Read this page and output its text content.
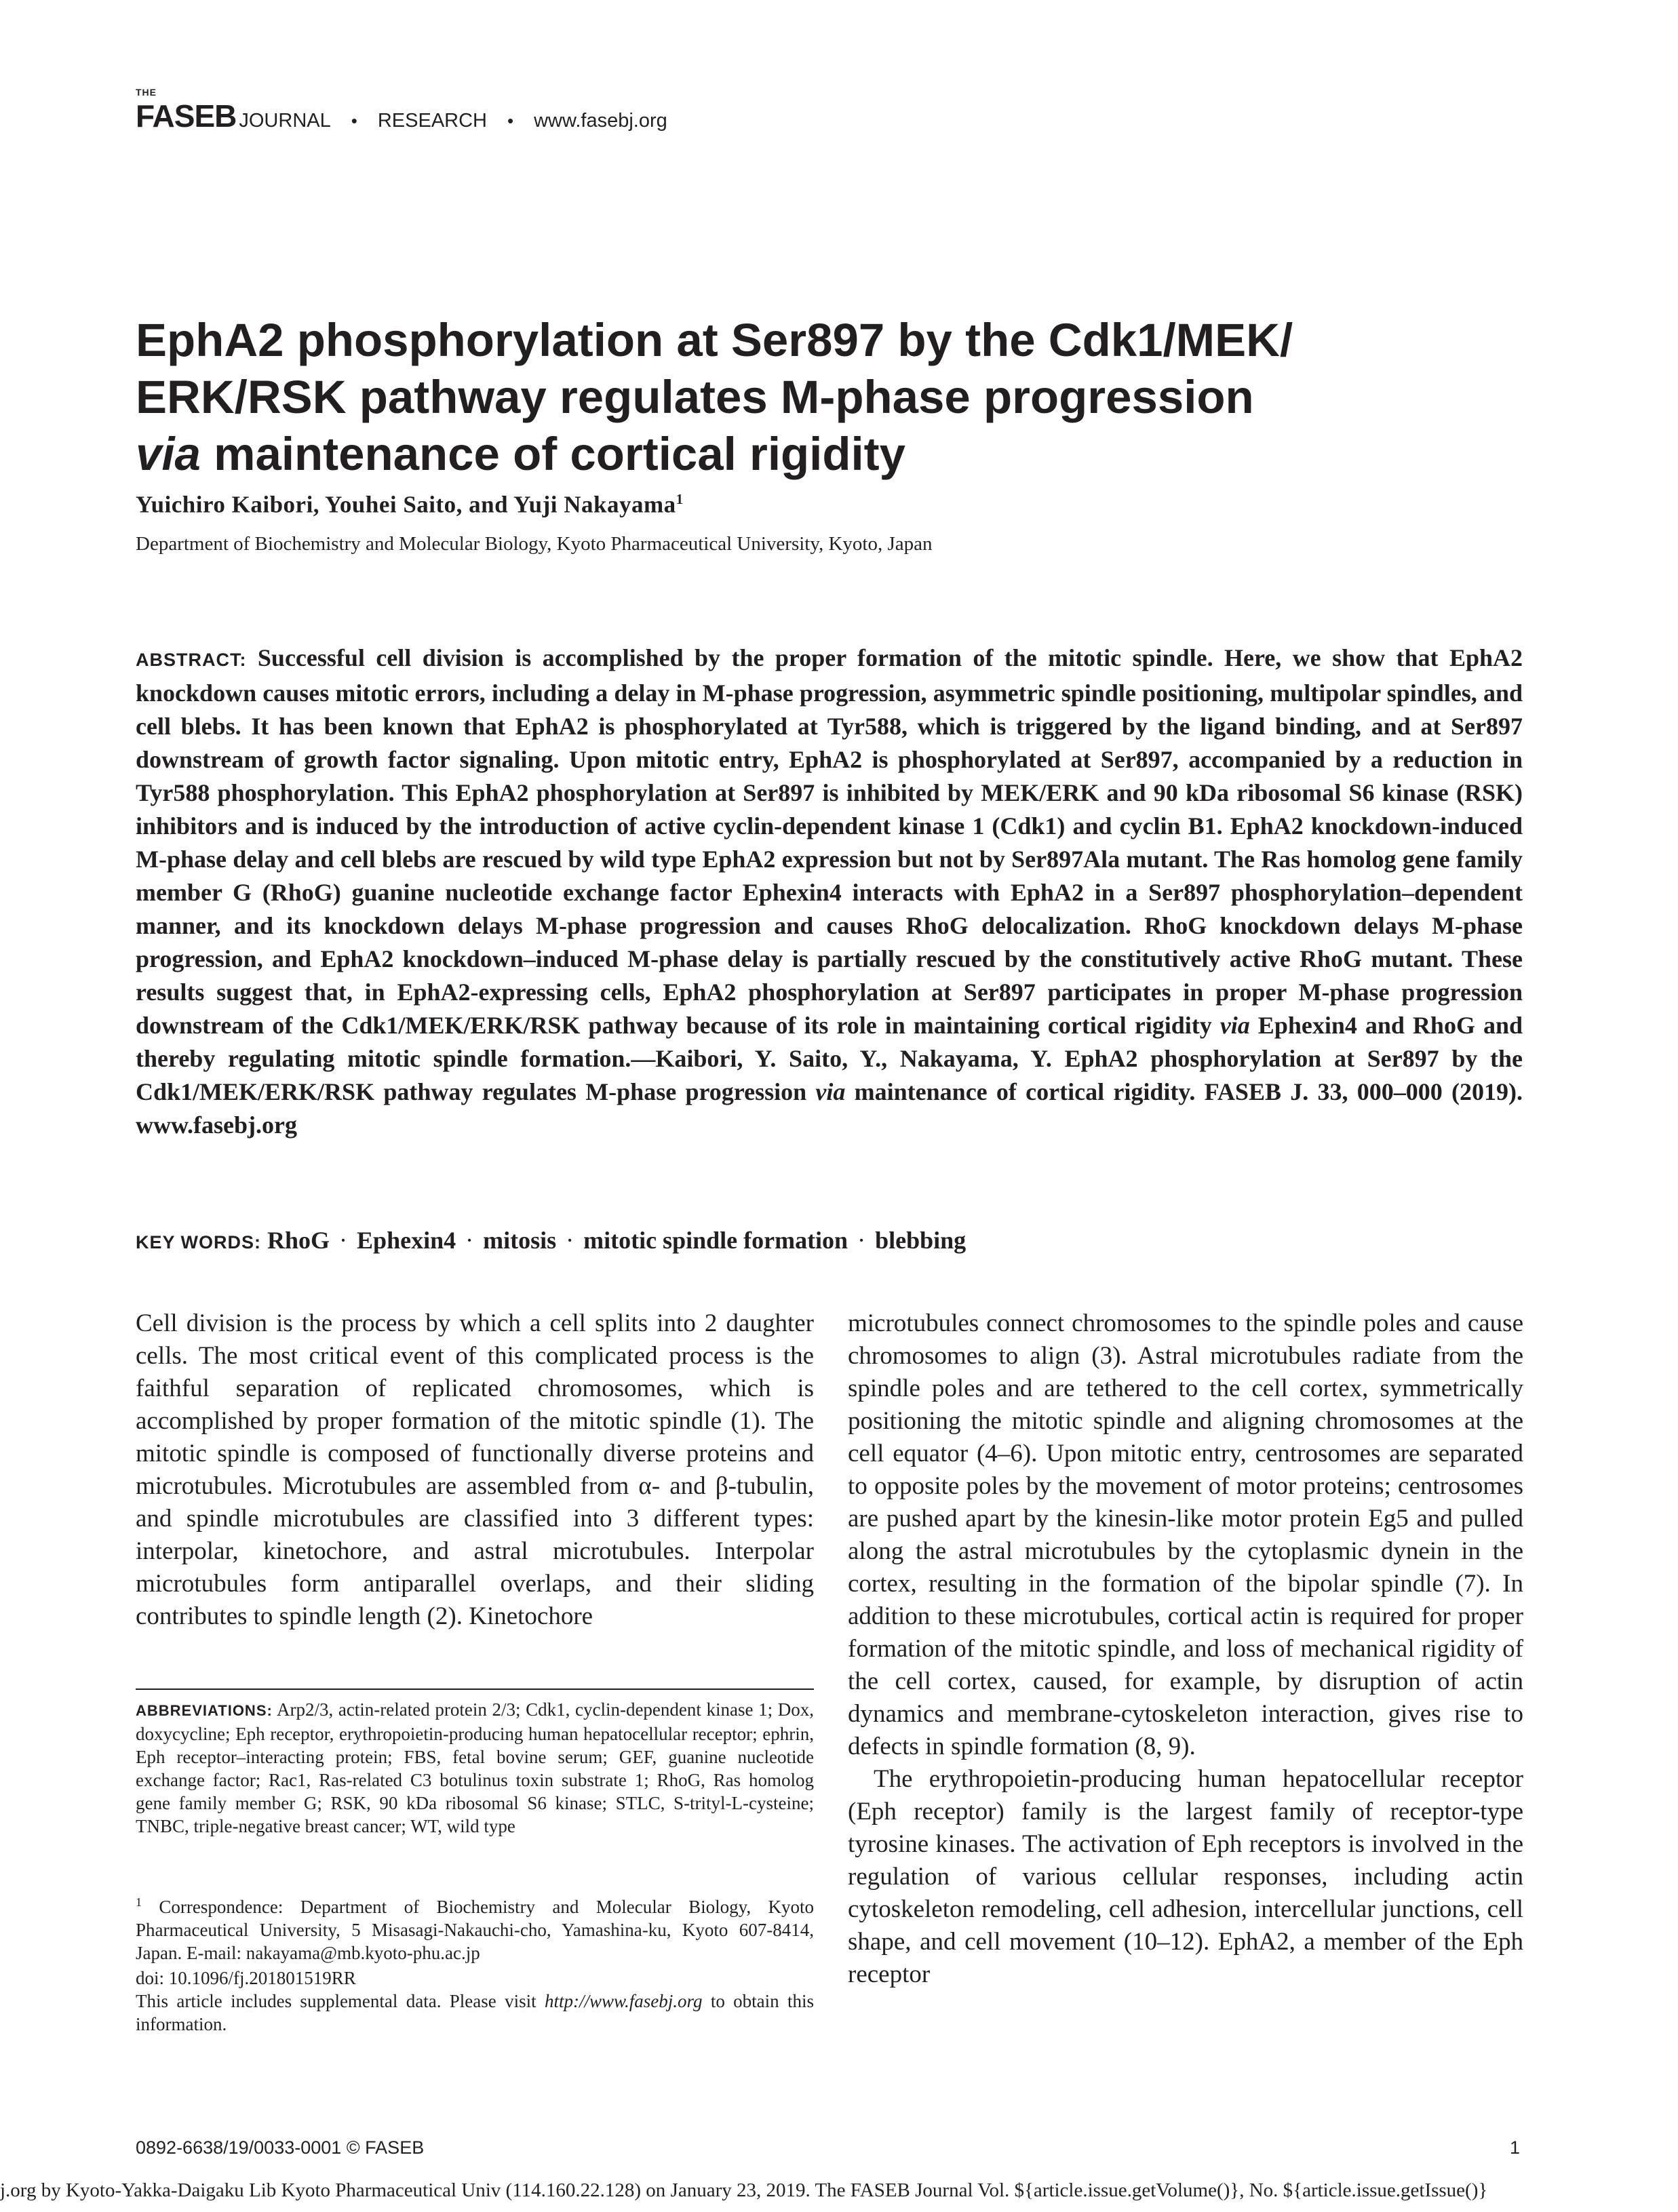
THE
FASEB JOURNAL • RESEARCH • www.fasebj.org
EphA2 phosphorylation at Ser897 by the Cdk1/MEK/
ERK/RSK pathway regulates M-phase progression
via maintenance of cortical rigidity
Yuichiro Kaibori, Youhei Saito, and Yuji Nakayama$^1$
Department of Biochemistry and Molecular Biology, Kyoto Pharmaceutical University, Kyoto, Japan

ABSTRACT: Successful cell division is accomplished by the proper formation of the mitotic spindle. Here, we show that EphA2 knockdown causes mitotic errors, including a delay in M-phase progression, asymmetric spindle positioning, multipolar spindles, and cell blebs. It has been known that EphA2 is phosphorylated at Tyr588, which is triggered by the ligand binding, and at Ser897 downstream of growth factor signaling. Upon mitotic entry, EphA2 is phosphorylated at Ser897, accompanied by a reduction in Tyr588 phosphorylation. This EphA2 phosphorylation at Ser897 is inhibited by MEK/ERK and 90 kDa ribosomal S6 kinase (RSK) inhibitors and is induced by the introduction of active cyclin-dependent kinase 1 (Cdk1) and cyclin B1. EphA2 knockdown-induced M-phase delay and cell blebs are rescued by wild type EphA2 expression but not by Ser897Ala mutant. The Ras homolog gene family member G (RhoG) guanine nucleotide exchange factor Ephexin4 interacts with EphA2 in a Ser897 phosphorylation–dependent manner, and its knockdown delays M-phase progression and causes RhoG delocalization. RhoG knockdown delays M-phase progression, and EphA2 knockdown–induced M-phase delay is partially rescued by the constitutively active RhoG mutant. These results suggest that, in EphA2-expressing cells, EphA2 phosphorylation at Ser897 participates in proper M-phase progression downstream of the Cdk1/MEK/ERK/RSK pathway because of its role in maintaining cortical rigidity via Ephexin4 and RhoG and thereby regulating mitotic spindle formation.—Kaibori, Y. Saito, Y., Nakayama, Y. EphA2 phosphorylation at Ser897 by the Cdk1/MEK/ERK/RSK pathway regulates M-phase progression via maintenance of cortical rigidity. FASEB J. 33, 000–000 (2019). www.fasebj.org

KEY WORDS: RhoG · Ephexin4 · mitosis · mitotic spindle formation · blebbing

Cell division is the process by which a cell splits into 2 daughter cells. The most critical event of this complicated process is the faithful separation of replicated chromosomes, which is accomplished by proper formation of the mitotic spindle (1). The mitotic spindle is composed of functionally diverse proteins and microtubules. Microtubules are assembled from α- and β-tubulin, and spindle microtubules are classified into 3 different types: interpolar, kinetochore, and astral microtubules. Interpolar microtubules form antiparallel overlaps, and their sliding contributes to spindle length (2). Kinetochore

microtubules connect chromosomes to the spindle poles and cause chromosomes to align (3). Astral microtubules radiate from the spindle poles and are tethered to the cell cortex, symmetrically positioning the mitotic spindle and aligning chromosomes at the cell equator (4–6). Upon mitotic entry, centrosomes are separated to opposite poles by the movement of motor proteins; centrosomes are pushed apart by the kinesin-like motor protein Eg5 and pulled along the astral microtubules by the cytoplasmic dynein in the cortex, resulting in the formation of the bipolar spindle (7). In addition to these microtubules, cortical actin is required for proper formation of the mitotic spindle, and loss of mechanical rigidity of the cell cortex, caused, for example, by disruption of actin dynamics and membrane-cytoskeleton interaction, gives rise to defects in spindle formation (8, 9).

The erythropoietin-producing human hepatocellular receptor (Eph receptor) family is the largest family of receptor-type tyrosine kinases. The activation of Eph receptors is involved in the regulation of various cellular responses, including actin cytoskeleton remodeling, cell adhesion, intercellular junctions, cell shape, and cell movement (10–12). EphA2, a member of the Eph receptor

ABBREVIATIONS: Arp2/3, actin-related protein 2/3; Cdk1, cyclin-dependent kinase 1; Dox, doxycycline; Eph receptor, erythropoietin-producing human hepatocellular receptor; ephrin, Eph receptor–interacting protein; FBS, fetal bovine serum; GEF, guanine nucleotide exchange factor; Rac1, Ras-related C3 botulinus toxin substrate 1; RhoG, Ras homolog gene family member G; RSK, 90 kDa ribosomal S6 kinase; STLC, S-trityl-L-cysteine; TNBC, triple-negative breast cancer; WT, wild type

$^1$ Correspondence: Department of Biochemistry and Molecular Biology, Kyoto Pharmaceutical University, 5 Misasagi-Nakauchi-cho, Yamashina-ku, Kyoto 607-8414, Japan. E-mail: nakayama@mb.kyoto-phu.ac.jp

doi: 10.1096/fj.201801519RR

This article includes supplemental data. Please visit http://www.fasebj.org to obtain this information.

0892-6638/19/0033-0001 © FASEB	1
j.org by Kyoto-Yakka-Daigaku Lib Kyoto Pharmaceutical Univ (114.160.22.128) on January 23, 2019. The FASEB Journal Vol. ${article.issue.getVolume()}, No. ${article.issue.getIssue()}
